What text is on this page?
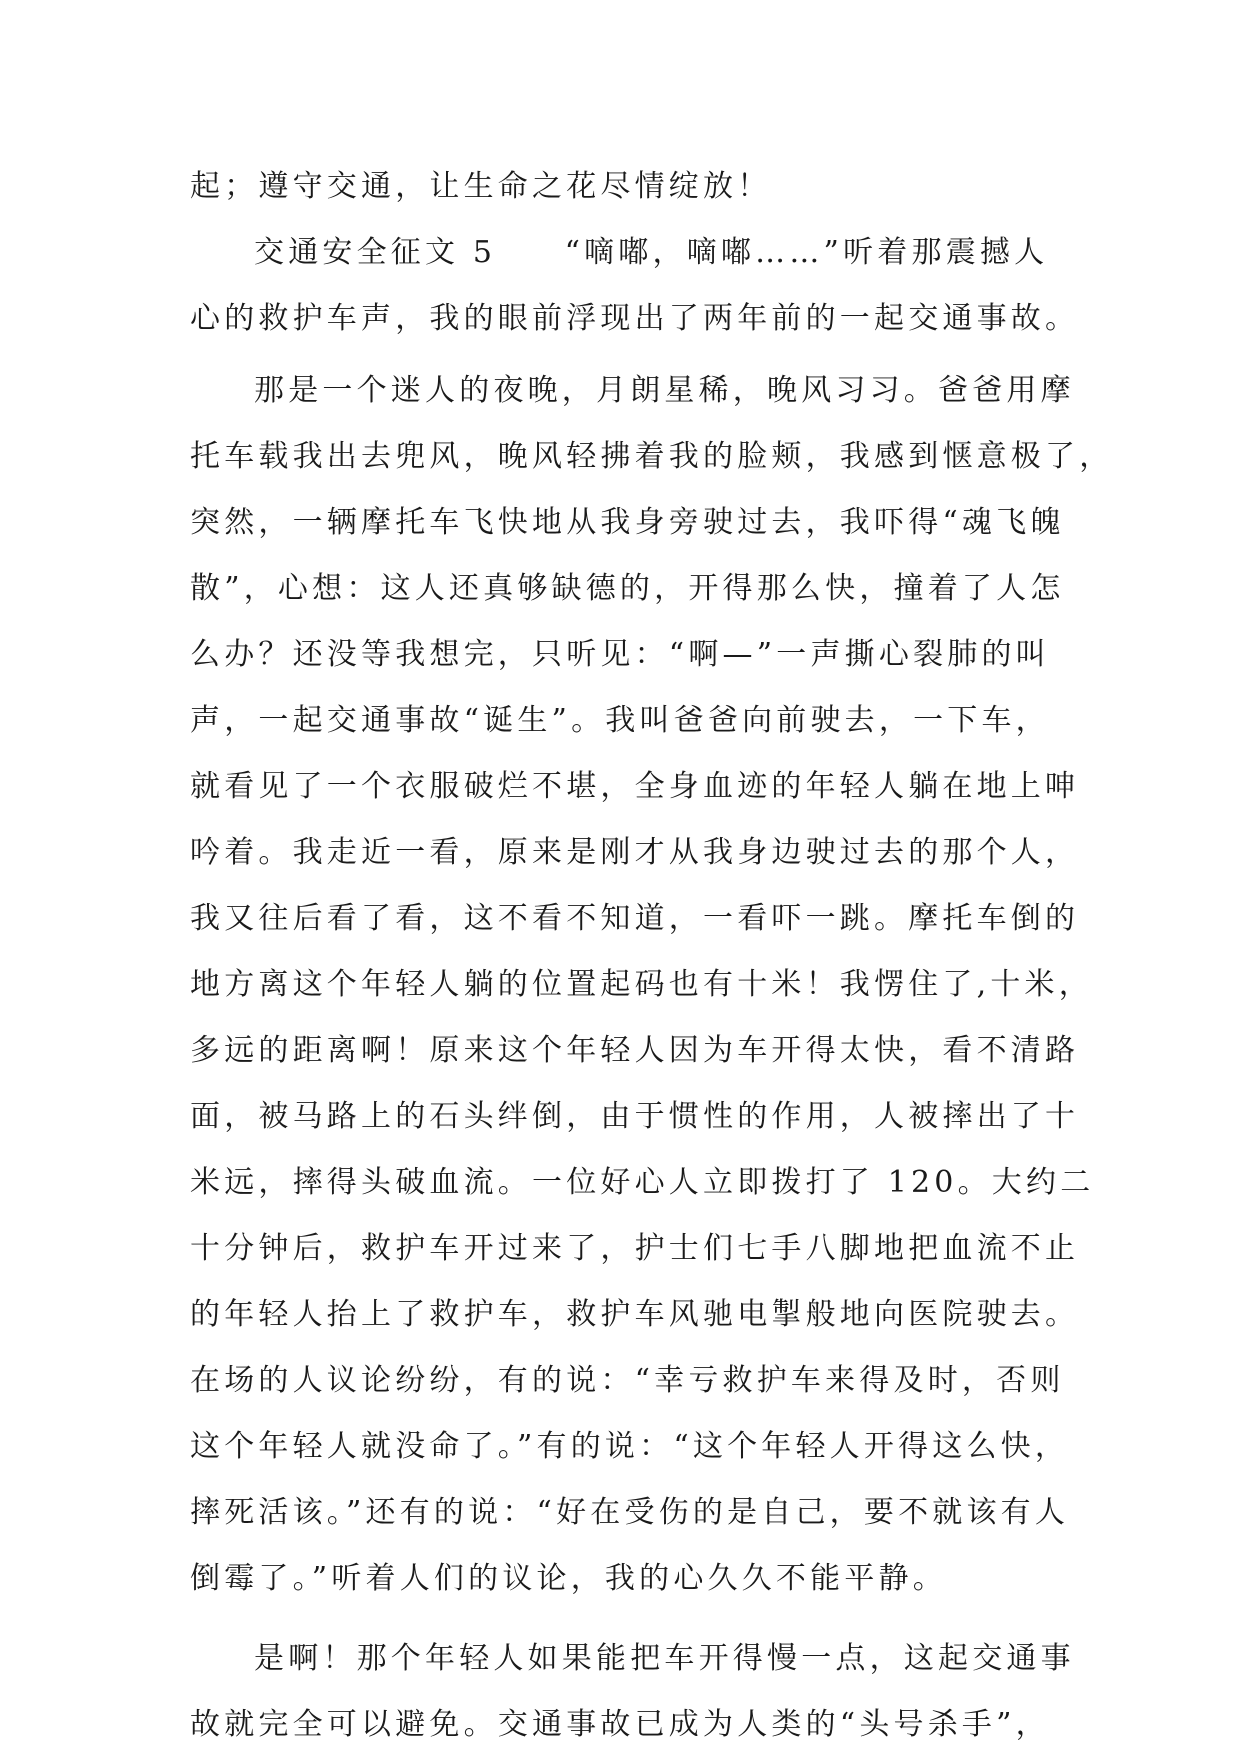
起；遵守交通，让生命之花尽情绽放！
交通安全征文 5　　“嘀嘟，嘀嘟……”听着那震撼人
心的救护车声，我的眼前浮现出了两年前的一起交通事故。
那是一个迷人的夜晚，月朗星稀，晚风习习。爸爸用摩
托车载我出去兜风，晚风轻拂着我的脸颊，我感到惬意极了，
突然，一辆摩托车飞快地从我身旁驶过去，我吓得“魂飞魄
散”，心想：这人还真够缺德的，开得那么快，撞着了人怎
么办？还没等我想完，只听见：“啊—”一声撕心裂肺的叫
声，一起交通事故“诞生”。我叫爸爸向前驶去，一下车，
就看见了一个衣服破烂不堪，全身血迹的年轻人躺在地上呻
吟着。我走近一看，原来是刚才从我身边驶过去的那个人，
我又往后看了看，这不看不知道，一看吓一跳。摩托车倒的
地方离这个年轻人躺的位置起码也有十米！我愣住了,十米，
多远的距离啊！原来这个年轻人因为车开得太快，看不清路
面，被马路上的石头绊倒，由于惯性的作用，人被摔出了十
米远，摔得头破血流。一位好心人立即拨打了 120。大约二
十分钟后，救护车开过来了，护士们七手八脚地把血流不止
的年轻人抬上了救护车，救护车风驰电掣般地向医院驶去。
在场的人议论纷纷，有的说：“幸亏救护车来得及时，否则
这个年轻人就没命了。”有的说：“这个年轻人开得这么快，
摔死活该。”还有的说：“好在受伤的是自己，要不就该有人
倒霉了。”听着人们的议论，我的心久久不能平静。
是啊！那个年轻人如果能把车开得慢一点，这起交通事
故就完全可以避免。交通事故已成为人类的“头号杀手”，
